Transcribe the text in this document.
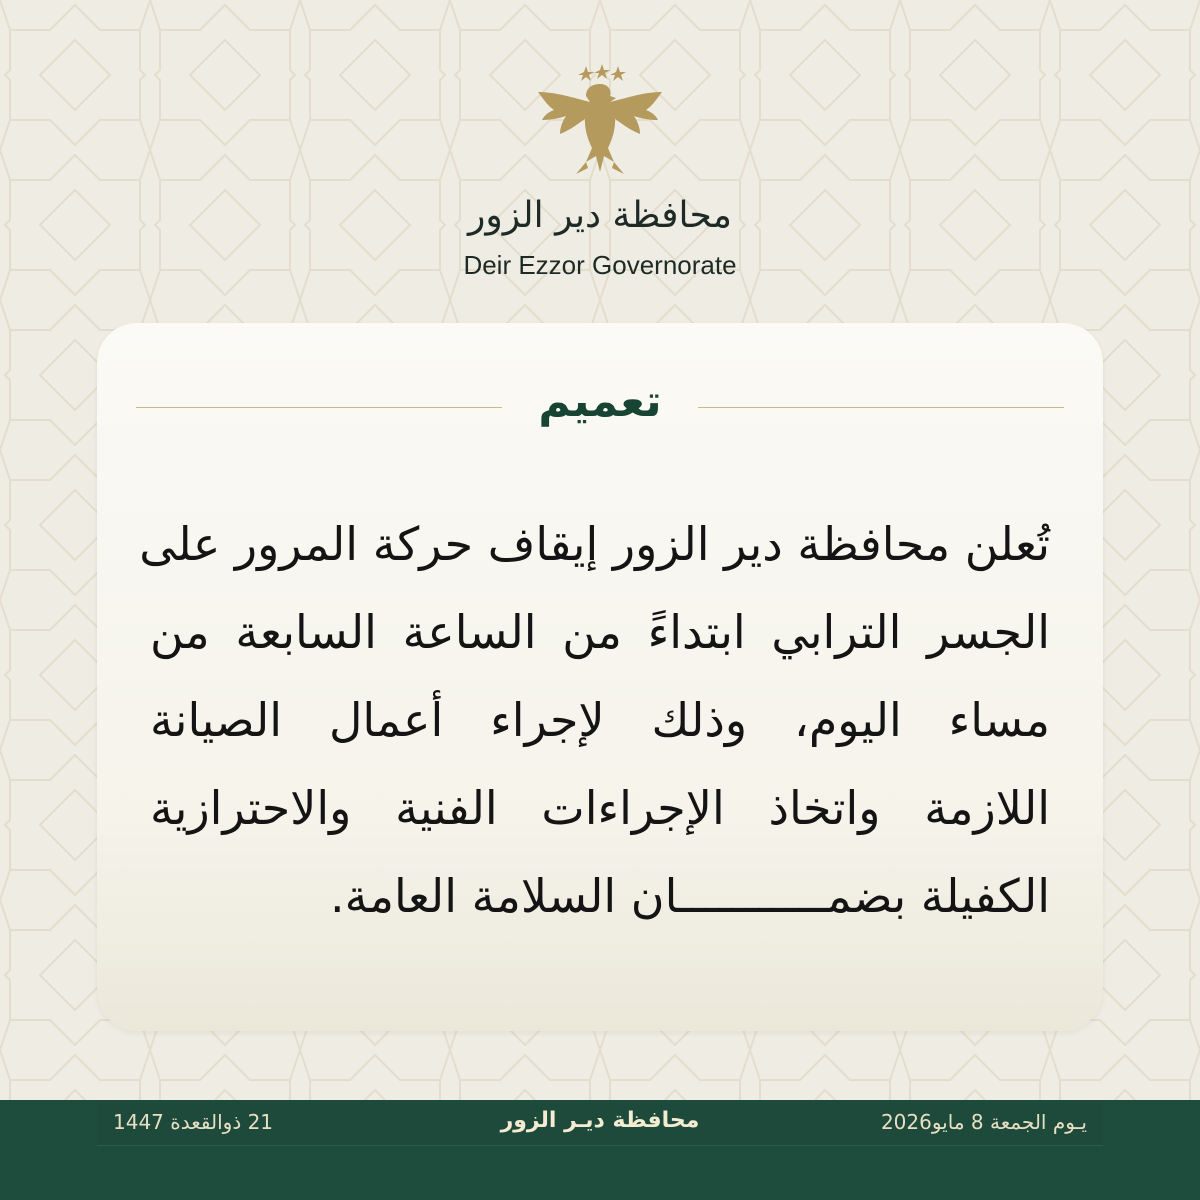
محافظة دير الزور
Deir Ezzor Governorate
تعميم
تُعلن محافظة دير الزور إيقاف حركة المرور على
الجسر الترابي ابتداءً من الساعة السابعة من
مساء اليوم، وذلك لإجراء أعمال الصيانة
اللازمة واتخاذ الإجراءات الفنية والاحترازية
الكفيلة بضمـــــــــــان السلامة العامة.
يـوم الجمعة 8 مايو2026
محافظة ديـر الزور
21 ذوالقعدة 1447
